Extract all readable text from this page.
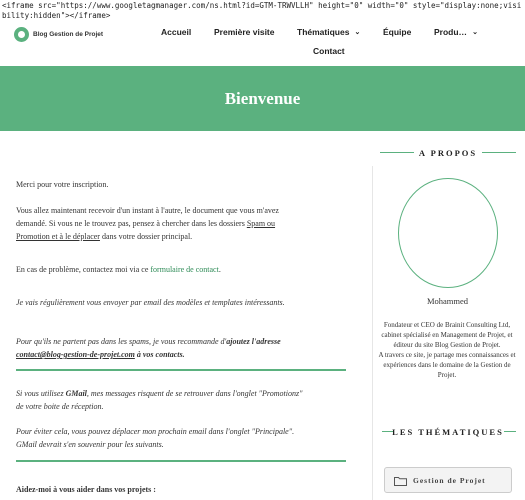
<iframe src="https://www.googletagmanager.com/ns.html?id=GTM-TRWVLLH" height="0" width="0" style="display:none;visibility:hidden"></iframe>
Blog Gestion de Projet	Accueil	Première visite	Thématiques ⌄	Équipe	Produ… ⌄
Contact
Bienvenue
Merci pour votre inscription.
Vous allez maintenant recevoir d'un instant à l'autre, le document que vous m'avez
demandé. Si vous ne le trouvez pas, pensez à chercher dans les dossiers Spam ou
Promotion et à le déplacer dans votre dossier principal.
En cas de problème, contactez moi via ce formulaire de contact.
Je vais régulièrement vous envoyer par email des modèles et templates intéressants.
Pour qu'ils ne partent pas dans les spams, je vous recommande d'ajoutez l'adresse
contact@blog-gestion-de-projet.com à vos contacts.
Si vous utilisez GMail, mes messages risquent de se retrouver dans l'onglet "Promotionz"
de votre boite de réception.
Pour éviter cela, vous pouvez déplacer mon prochain email dans l'onglet "Principale".
GMail devrait s'en souvenir pour les suivants.
Aidez-moi à vous aider dans vos projets :
A PROPOS
Mohammed
Fondateur et CEO de Brainit Consulting Ltd, cabinet spécialisé en Management de Projet, et éditeur du site Blog Gestion de Projet.
A travers ce site, je partage mes connaissances et expériences dans le domaine de la Gestion de Projet.
LES THÉMATIQUES
Gestion de Projet
